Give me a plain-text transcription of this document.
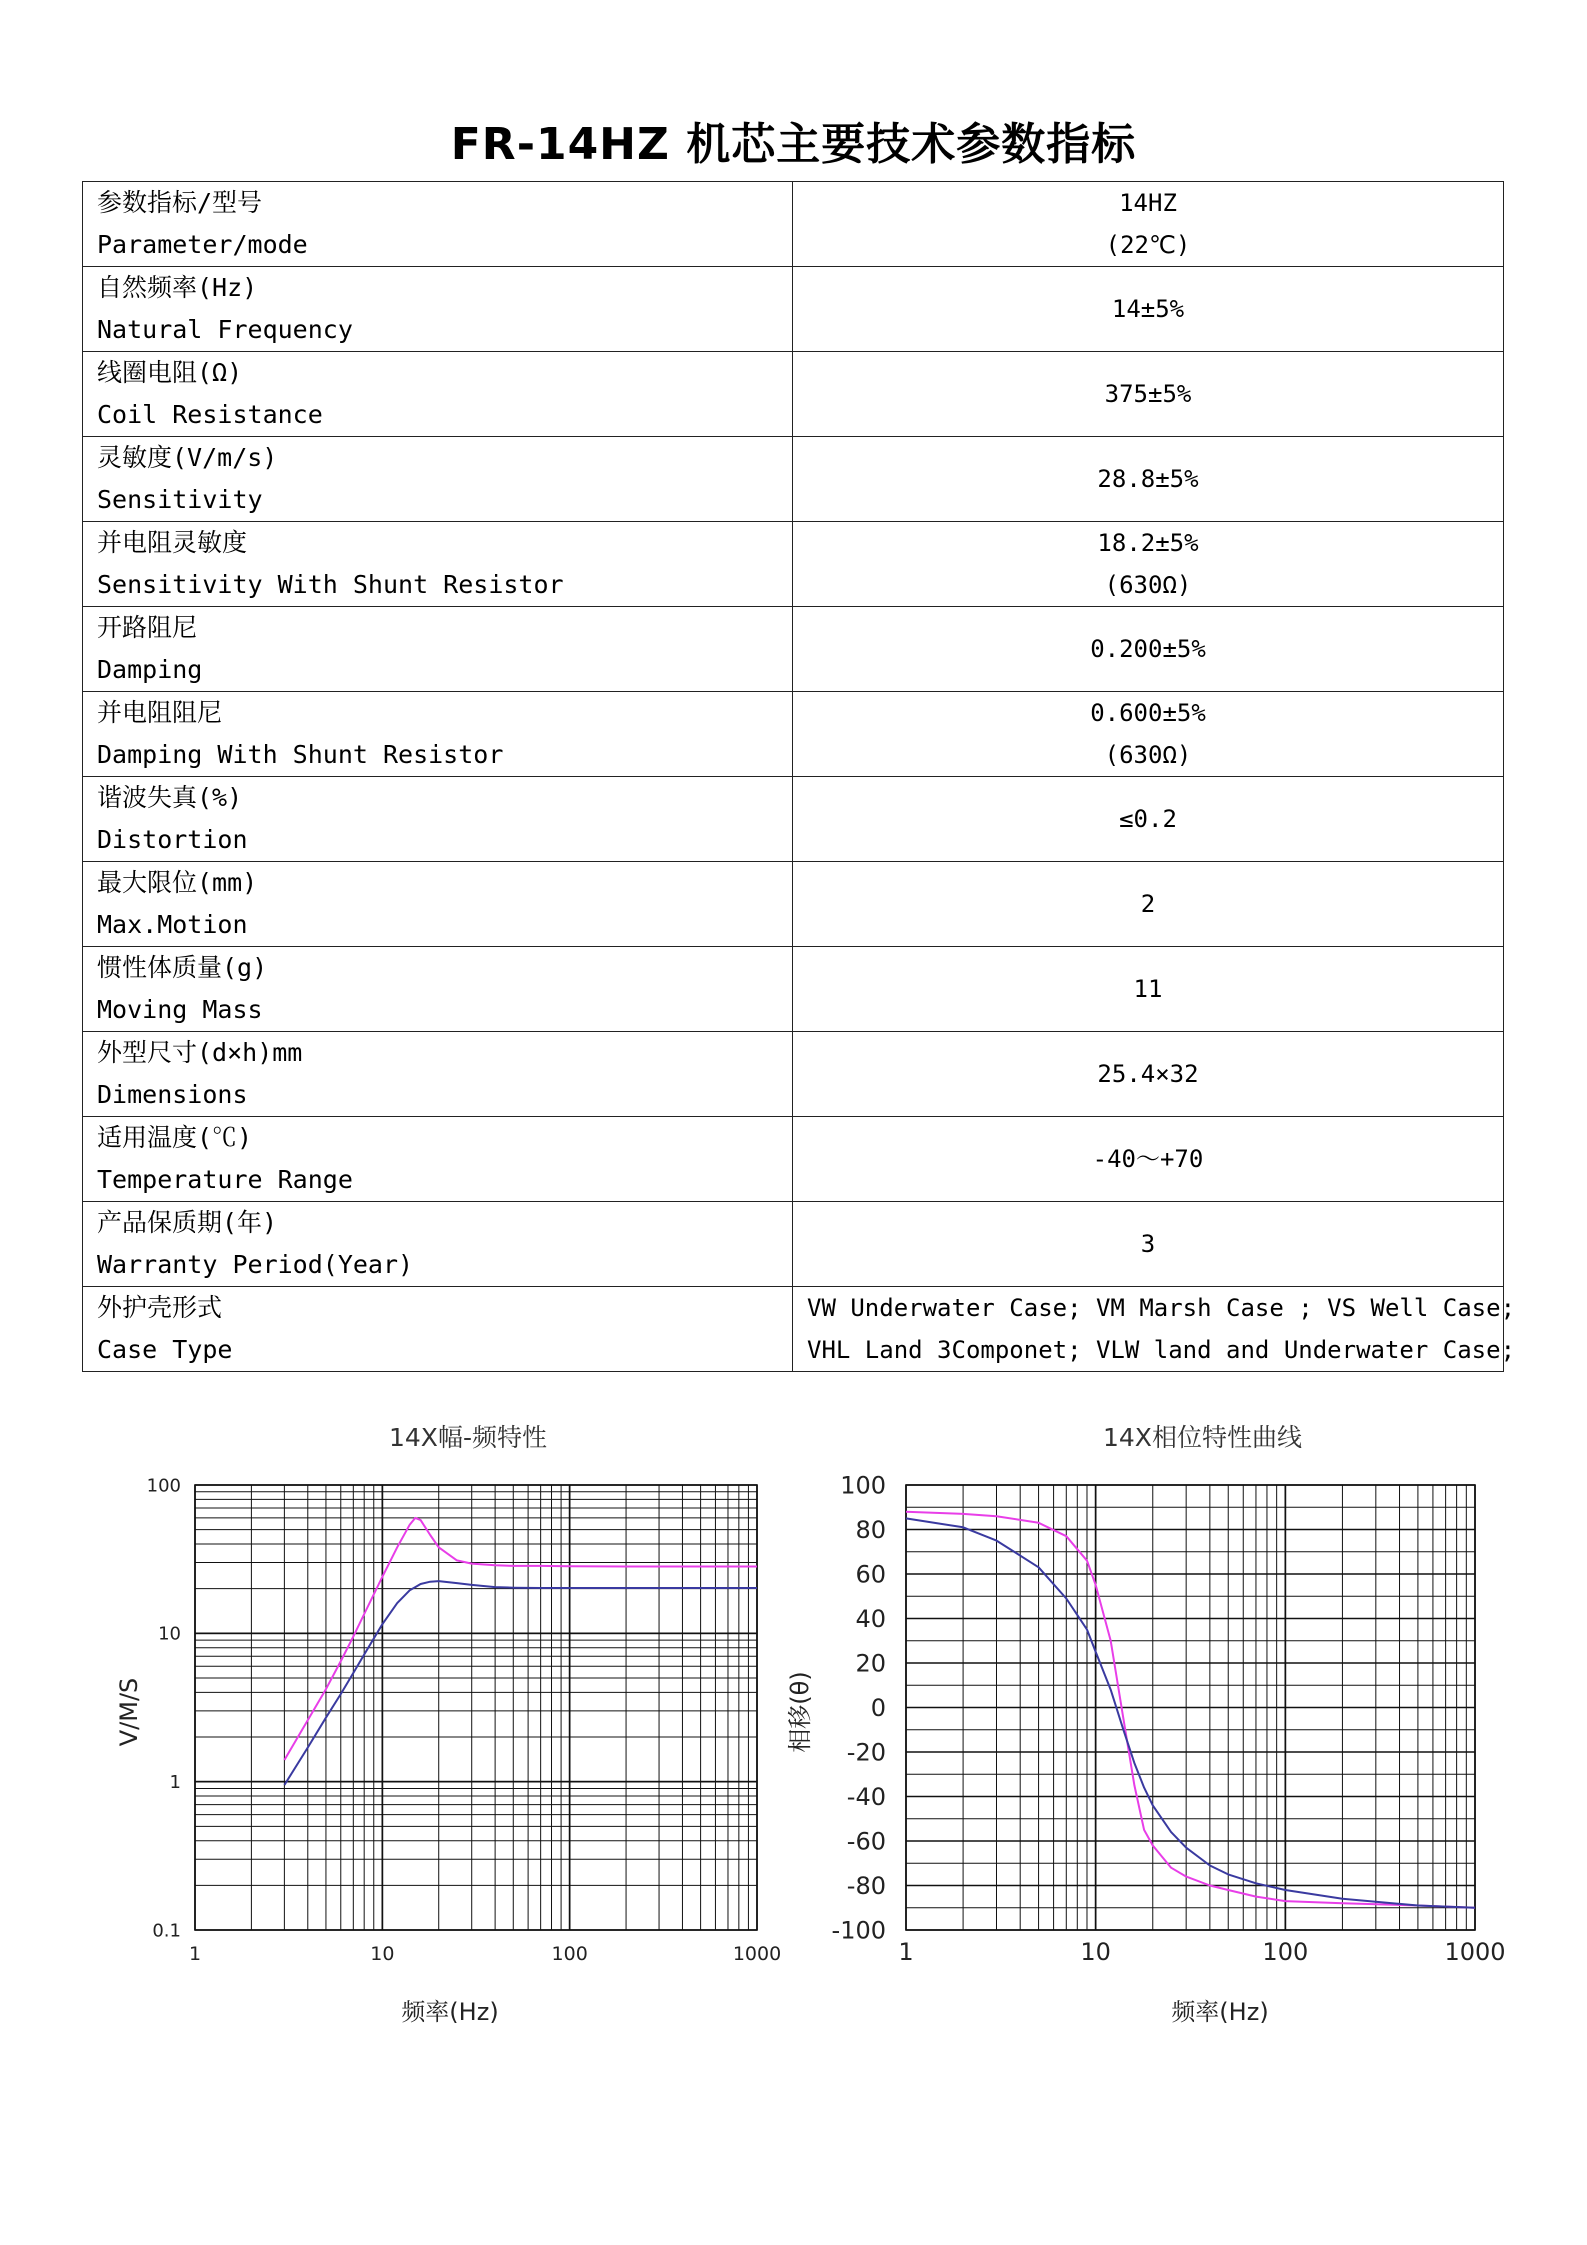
FR-14HZ 机芯主要技术参数指标
参数指标/型号
Parameter/mode	14HZ
(22℃)

自然频率(Hz)
Natural Frequency	14±5%

线圈电阻(Ω)
Coil Resistance	375±5%

灵敏度(V/m/s)
Sensitivity	28.8±5%

并电阻灵敏度
Sensitivity With Shunt Resistor	18.2±5%
(630Ω)

开路阻尼
Damping	0.200±5%

并电阻阻尼
Damping With Shunt Resistor	0.600±5%
(630Ω)

谐波失真(%)
Distortion	≤0.2

最大限位(mm)
Max.Motion	2

惯性体质量(g)
Moving Mass	11

外型尺寸(d×h)mm
Dimensions	25.4×32

适用温度(℃)
Temperature Range	-40～+70

产品保质期(年)
Warranty Period(Year)	3

外护壳形式
Case Type	VW Underwater Case; VM Marsh Case ; VS Well Case;
VHL Land 3Componet; VLW land and Underwater Case;
14X幅-频特性	14X相位特性曲线
1	10	100	1000
0.1
1
10
100
频率(Hz)
V/M/S
1	10	100	1000
100
80
60
40
20
0
-20
-40
-60
-80
-100
频率(Hz)
相移(θ)
